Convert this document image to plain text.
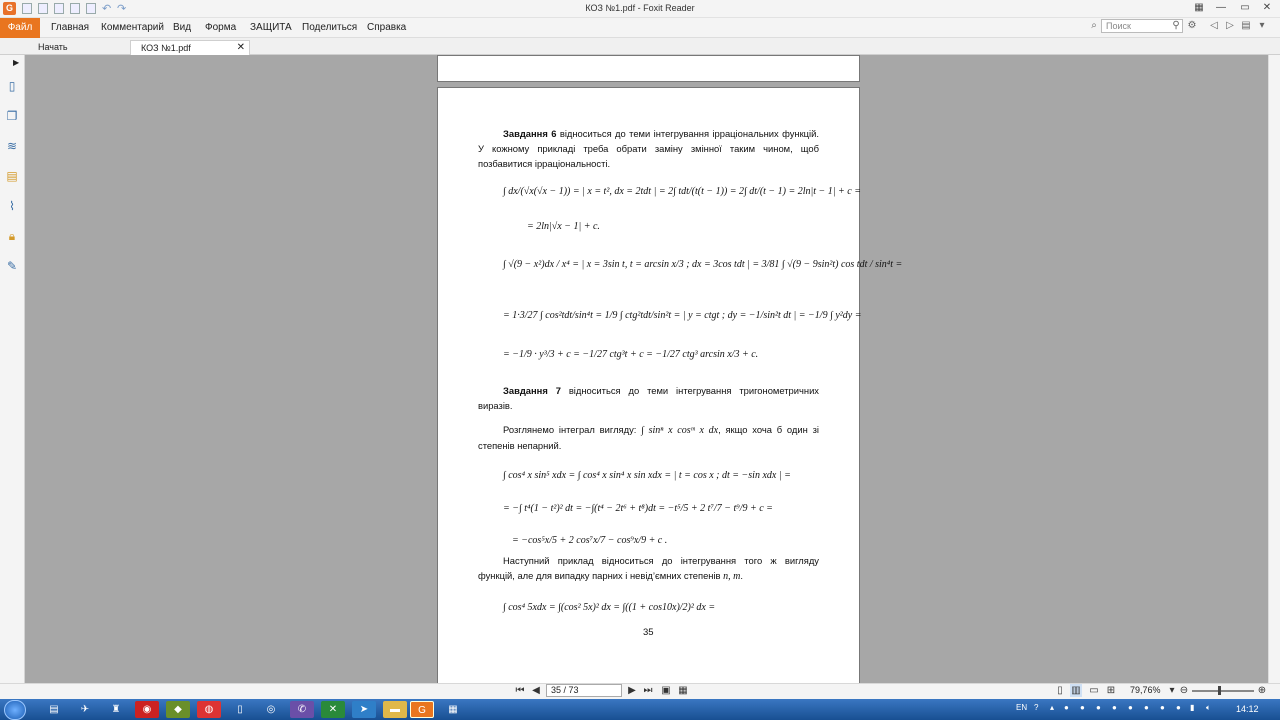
G	↶ ↷	КОЗ №1.pdf - Foxit Reader	▦	—	▭	✕
Файл	Главная Комментарий Вид Форма ЗАЩИТА Поделиться Справка	⌕	Поиск	⚲ ⚙ ◁ ▷ ▤ ▾
Начать	КОЗ №1.pdf	✕
▶
▯
❐
≋
▤
⌇
🔒︎
✎
Завдання 6 відноситься до теми інтегрування ірраціональних функцій. У кожному прикладі треба обрати заміну змінної таким чином, щоб позбавитися ірраціональності.
∫ dx/(√x(√x − 1)) = | x = t², dx = 2tdt | = 2∫ tdt/(t(t − 1)) = 2∫ dt/(t − 1) = 2ln|t − 1| + c =
= 2ln|√x − 1| + c.
∫ √(9 − x²)dx / x⁴ = | x = 3sin t, t = arcsin x/3 ; dx = 3cos tdt | = 3/81 ∫ √(9 − 9sin²t) cos tdt / sin⁴t =
= 1·3/27 ∫ cos²tdt/sin⁴t = 1/9 ∫ ctg²tdt/sin²t = | y = ctgt ; dy = −1/sin²t dt | = −1/9 ∫ y²dy =
= −1/9 · y³/3 + c = −1/27 ctg³t + c = −1/27 ctg³ arcsin x/3 + c.
Завдання 7 відноситься до теми інтегрування тригонометричних виразів.
Розглянемо інтеграл вигляду: ∫ sinⁿ x cosᵐ x dx, якщо хоча б один зі степенів непарний.
∫ cos⁴ x sin⁵ xdx = ∫ cos⁴ x sin⁴ x sin xdx = | t = cos x ; dt = −sin xdx | =
= −∫ t⁴(1 − t²)² dt = −∫(t⁴ − 2t⁶ + t⁸)dt = −t⁵/5 + 2 t⁷/7 − t⁹/9 + c =
= −cos⁵x/5 + 2 cos⁷x/7 − cos⁹x/9 + c .
Наступний приклад відноситься до інтегрування того ж вигляду функцій, але для випадку парних і невід’ємних степенів n, m.
∫ cos⁴ 5xdx = ∫(cos² 5x)² dx = ∫((1 + cos10x)/2)² dx =
35
⏮ ◀	35 / 73	▶ ⏭ ▣ ▦	▯ ▥ ▭ ⊞ 79,76% ▾ ⊖	⊕
▤	✈	♜	◉	◆	◍	▯	◎	✆	✕	➤	▬	G	▦	EN ? ▴ ● ● ● ● ● ● ● ● ▮ 🔈︎	14:12
